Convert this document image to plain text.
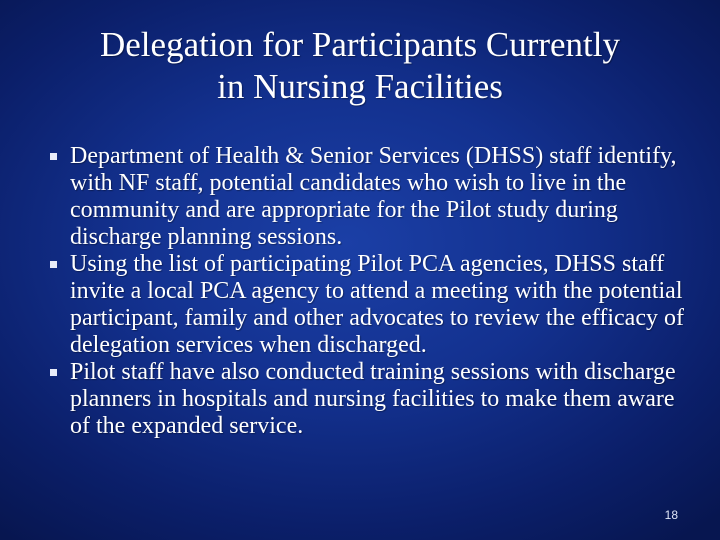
Delegation for Participants Currently
in Nursing Facilities
Department of Health & Senior Services (DHSS) staff identify, with NF staff, potential candidates who wish to live in the community and are appropriate for the Pilot study during discharge planning sessions.
Using the list of participating Pilot PCA agencies, DHSS staff invite a local PCA agency to attend a meeting with the potential participant, family and other advocates to review the efficacy of delegation services when discharged.
Pilot staff have also conducted training sessions with discharge planners in hospitals and nursing facilities to make them aware of the expanded service.
18
